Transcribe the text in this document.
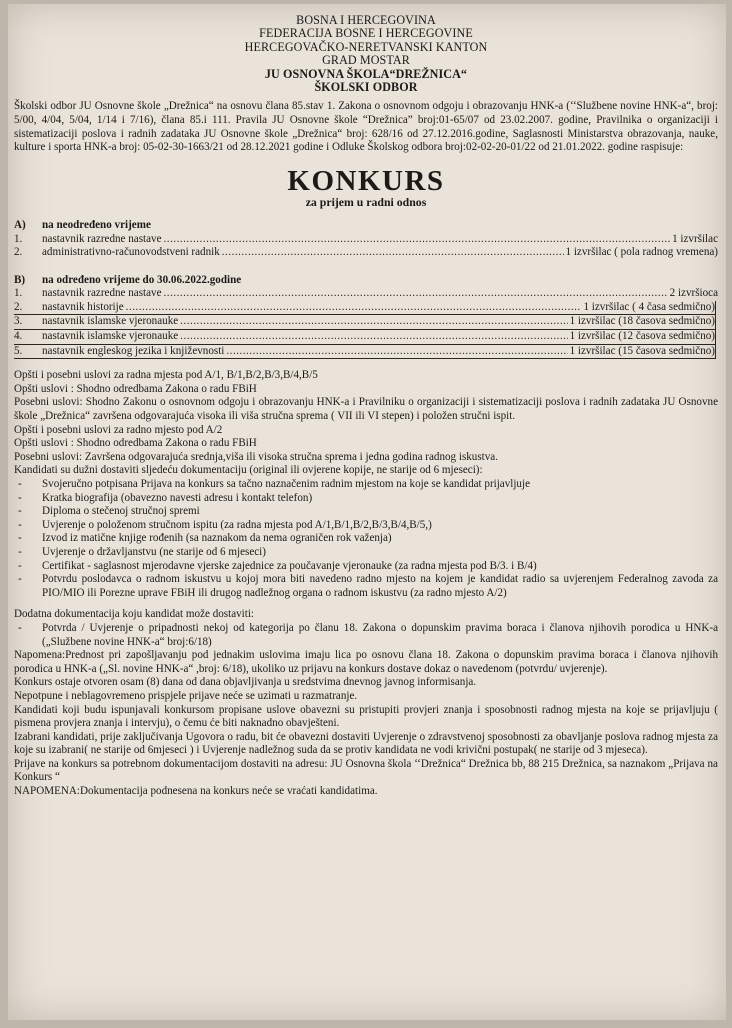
BOSNA I HERCEGOVINA
FEDERACIJA BOSNE I HERCEGOVINE
HERCEGOVAČKO-NERETVANSKI KANTON
GRAD MOSTAR
JU OSNOVNA ŠKOLA“DREŽNICA“
ŠKOLSKI ODBOR

Školski odbor JU Osnovne škole „Drežnica“ na osnovu člana 85.stav 1. Zakona o osnovnom odgoju i obrazovanju HNK-a (‘‘Službene novine HNK-a“, broj: 5/00, 4/04, 5/04, 1/14 i 7/16), člana 85.i 111. Pravila JU Osnovne škole “Drežnica” broj:01-65/07 od 23.02.2007. godine, Pravilnika o organizaciji i sistematizaciji poslova i radnih zadataka JU Osnovne škole „Drežnica“ broj: 628/16 od 27.12.2016.godine, Saglasnosti Ministarstva obrazovanja, nauke, kulture i sporta HNK-a broj: 05-02-30-1663/21 od 28.12.2021 godine i Odluke Školskog odbora broj:02-02-20-01/22 od 21.01.2022. godine raspisuje:

KONKURS
za prijem u radni odnos
A)	na neodređeno vrijeme
1.	nastavnik razredne nastave .....	1 izvršilac
2.	administrativno-računovodstveni radnik .....	1 izvršilac ( pola radnog vremena)
B)	na određeno vrijeme do 30.06.2022.godine
1.	nastavnik razredne nastave .....	2 izvršioca
2.	nastavnik historije .....	1 izvršilac ( 4 časa sedmično)
3.	nastavnik islamske vjeronauke .....	1 izvršilac (18 časova sedmično)
4.	nastavnik islamske vjeronauke .....	1 izvršilac (12 časova sedmično)
5.	nastavnik engleskog jezika i književnosti .....	1 izvršilac (15 časova sedmično)

Opšti i posebni uslovi za radna mjesta pod A/1, B/1,B/2,B/3,B/4,B/5

Opšti uslovi : Shodno odredbama Zakona o radu FBiH

Posebni uslovi: Shodno Zakonu o osnovnom odgoju i obrazovanju HNK-a i Pravilniku o organizaciji i sistematizaciji poslova i radnih zadataka JU Osnovne škole „Drežnica“ završena odgovarajuća visoka ili viša stručna sprema ( VII ili VI stepen) i položen stručni ispit.

Opšti i posebni uslovi za radno mjesto pod A/2

Opšti uslovi : Shodno odredbama Zakona o radu FBiH

Posebni uslovi: Završena odgovarajuća srednja,viša ili visoka stručna sprema i jedna godina radnog iskustva.

Kandidati su dužni dostaviti sljedeću dokumentaciju (original ili ovjerene kopije, ne starije od 6 mjeseci):

-	Svojeručno potpisana Prijava na konkurs sa tačno naznačenim radnim mjestom na koje se kandidat prijavljuje
-	Kratka biografija (obavezno navesti adresu i kontakt telefon)
-	Diploma o stečenoj stručnoj spremi
-	Uvjerenje o položenom stručnom ispitu (za radna mjesta pod A/1,B/1,B/2,B/3,B/4,B/5,)
-	Izvod iz matične knjige rođenih (sa naznakom da nema ograničen rok važenja)
-	Uvjerenje o državljanstvu (ne starije od 6 mjeseci)
-	Certifikat - saglasnost mjerodavne vjerske zajednice za poučavanje vjeronauke (za radna mjesta pod B/3. i B/4)
-	Potvrdu poslodavca o radnom iskustvu u kojoj mora biti navedeno radno mjesto na kojem je kandidat radio sa uvjerenjem Federalnog zavoda za PIO/MIO ili Porezne uprave FBiH ili drugog nadležnog organa o radnom iskustvu (za radno mjesto A/2)

Dodatna dokumentacija koju kandidat može dostaviti:

-	Potvrda / Uvjerenje o pripadnosti nekoj od kategorija po članu 18. Zakona o dopunskim pravima boraca i članova njihovih porodica u HNK-a („Službene novine HNK-a“ broj:6/18)

Napomena:Prednost pri zapošljavanju pod jednakim uslovima imaju lica po osnovu člana 18. Zakona o dopunskim pravima boraca i članova njihovih porodica u HNK-a („Sl. novine HNK-a“ ,broj: 6/18), ukoliko uz prijavu na konkurs dostave dokaz o navedenom (potvrdu/ uvjerenje).

Konkurs ostaje otvoren osam (8) dana od dana objavljivanja u sredstvima dnevnog javnog informisanja.

Nepotpune i neblagovremeno prispjele prijave neće se uzimati u razmatranje.

Kandidati koji budu ispunjavali konkursom propisane uslove obavezni su pristupiti provjeri znanja i sposobnosti radnog mjesta na koje se prijavljuju ( pismena provjera znanja i intervju), o čemu će biti naknadno obavješteni.

Izabrani kandidati, prije zaključivanja Ugovora o radu, bit će obavezni dostaviti Uvjerenje o zdravstvenoj sposobnosti za obavljanje poslova radnog mjesta za koje su izabrani( ne starije od 6mjeseci ) i Uvjerenje nadležnog suda da se protiv kandidata ne vodi krivični postupak( ne starije od 3 mjeseca).

Prijave na konkurs sa potrebnom dokumentacijom dostaviti na adresu: JU Osnovna škola ‘‘Drežnica“ Drežnica bb, 88 215 Drežnica, sa naznakom „Prijava na Konkurs “

NAPOMENA:Dokumentacija podnesena na konkurs neće se vraćati kandidatima.
